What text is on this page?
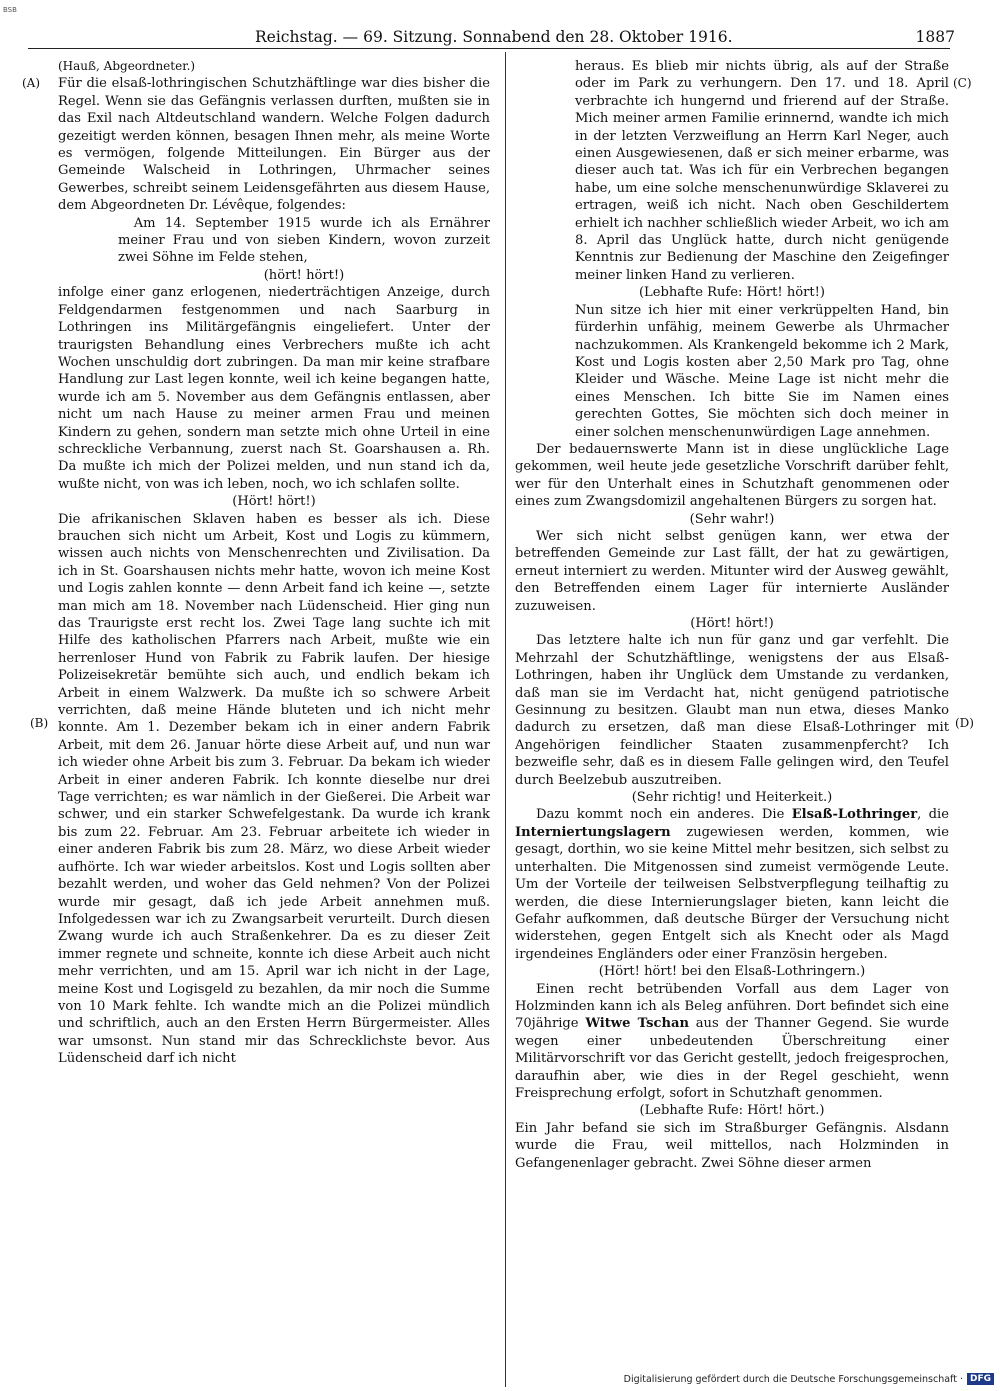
BSB
Reichstag. — 69. Sitzung. Sonnabend den 28. Oktober 1916.	1887
(A)
(B)
(C)
(D)

(Hauß, Abgeordneter.)

Für die elsaß-lothringischen Schutzhäftlinge war dies bisher die Regel. Wenn sie das Gefängnis verlassen durften, mußten sie in das Exil nach Altdeutschland wandern. Welche Folgen dadurch gezeitigt werden können, besagen Ihnen mehr, als meine Worte es vermögen, folgende Mitteilungen. Ein Bürger aus der Gemeinde Walscheid in Lothringen, Uhrmacher seines Gewerbes, schreibt seinem Leidensgefährten aus diesem Hause, dem Abgeordneten Dr. Lévêque, folgendes:

Am 14. September 1915 wurde ich als Ernährer meiner Frau und von sieben Kindern, wovon zurzeit zwei Söhne im Felde stehen,

(hört! hört!)

infolge einer ganz erlogenen, niederträchtigen Anzeige, durch Feldgendarmen festgenommen und nach Saarburg in Lothringen ins Militärgefängnis eingeliefert. Unter der traurigsten Behandlung eines Verbrechers mußte ich acht Wochen unschuldig dort zubringen. Da man mir keine strafbare Handlung zur Last legen konnte, weil ich keine begangen hatte, wurde ich am 5. November aus dem Gefängnis entlassen, aber nicht um nach Hause zu meiner armen Frau und meinen Kindern zu gehen, sondern man setzte mich ohne Urteil in eine schreckliche Verbannung, zuerst nach St. Goarshausen a. Rh. Da mußte ich mich der Polizei melden, und nun stand ich da, wußte nicht, von was ich leben, noch, wo ich schlafen sollte.

(Hört! hört!)

Die afrikanischen Sklaven haben es besser als ich. Diese brauchen sich nicht um Arbeit, Kost und Logis zu kümmern, wissen auch nichts von Menschenrechten und Zivilisation. Da ich in St. Goarshausen nichts mehr hatte, wovon ich meine Kost und Logis zahlen konnte — denn Arbeit fand ich keine —, setzte man mich am 18. November nach Lüdenscheid. Hier ging nun das Traurigste erst recht los. Zwei Tage lang suchte ich mit Hilfe des katholischen Pfarrers nach Arbeit, mußte wie ein herrenloser Hund von Fabrik zu Fabrik laufen. Der hiesige Polizeisekretär bemühte sich auch, und endlich bekam ich Arbeit in einem Walzwerk. Da mußte ich so schwere Arbeit verrichten, daß meine Hände bluteten und ich nicht mehr konnte. Am 1. Dezember bekam ich in einer andern Fabrik Arbeit, mit dem 26. Januar hörte diese Arbeit auf, und nun war ich wieder ohne Arbeit bis zum 3. Februar. Da bekam ich wieder Arbeit in einer anderen Fabrik. Ich konnte dieselbe nur drei Tage verrichten; es war nämlich in der Gießerei. Die Arbeit war schwer, und ein starker Schwefelgestank. Da wurde ich krank bis zum 22. Februar. Am 23. Februar arbeitete ich wieder in einer anderen Fabrik bis zum 28. März, wo diese Arbeit wieder aufhörte. Ich war wieder arbeitslos. Kost und Logis sollten aber bezahlt werden, und woher das Geld nehmen? Von der Polizei wurde mir gesagt, daß ich jede Arbeit annehmen muß. Infolgedessen war ich zu Zwangsarbeit verurteilt. Durch diesen Zwang wurde ich auch Straßenkehrer. Da es zu dieser Zeit immer regnete und schneite, konnte ich diese Arbeit auch nicht mehr verrichten, und am 15. April war ich nicht in der Lage, meine Kost und Logisgeld zu bezahlen, da mir noch die Summe von 10 Mark fehlte. Ich wandte mich an die Polizei mündlich und schriftlich, auch an den Ersten Herrn Bürgermeister. Alles war umsonst. Nun stand mir das Schrecklichste bevor. Aus Lüdenscheid darf ich nicht

heraus. Es blieb mir nichts übrig, als auf der Straße oder im Park zu verhungern. Den 17. und 18. April verbrachte ich hungernd und frierend auf der Straße. Mich meiner armen Familie erinnernd, wandte ich mich in der letzten Verzweiflung an Herrn Karl Neger, auch einen Ausgewiesenen, daß er sich meiner erbarme, was dieser auch tat. Was ich für ein Verbrechen begangen habe, um eine solche menschenunwürdige Sklaverei zu ertragen, weiß ich nicht. Nach oben Geschildertem erhielt ich nachher schließlich wieder Arbeit, wo ich am 8. April das Unglück hatte, durch nicht genügende Kenntnis zur Bedienung der Maschine den Zeigefinger meiner linken Hand zu verlieren.

(Lebhafte Rufe: Hört! hört!)

Nun sitze ich hier mit einer verkrüppelten Hand, bin fürderhin unfähig, meinem Gewerbe als Uhrmacher nachzukommen. Als Krankengeld bekomme ich 2 Mark, Kost und Logis kosten aber 2,50 Mark pro Tag, ohne Kleider und Wäsche. Meine Lage ist nicht mehr die eines Menschen. Ich bitte Sie im Namen eines gerechten Gottes, Sie möchten sich doch meiner in einer solchen menschenunwürdigen Lage annehmen.

Der bedauernswerte Mann ist in diese unglückliche Lage gekommen, weil heute jede gesetzliche Vorschrift darüber fehlt, wer für den Unterhalt eines in Schutzhaft genommenen oder eines zum Zwangsdomizil angehaltenen Bürgers zu sorgen hat.

(Sehr wahr!)

Wer sich nicht selbst genügen kann, wer etwa der betreffenden Gemeinde zur Last fällt, der hat zu gewärtigen, erneut interniert zu werden. Mitunter wird der Ausweg gewählt, den Betreffenden einem Lager für internierte Ausländer zuzuweisen.

(Hört! hört!)

Das letztere halte ich nun für ganz und gar verfehlt. Die Mehrzahl der Schutzhäftlinge, wenigstens der aus Elsaß-Lothringen, haben ihr Unglück dem Umstande zu verdanken, daß man sie im Verdacht hat, nicht genügend patriotische Gesinnung zu besitzen. Glaubt man nun etwa, dieses Manko dadurch zu ersetzen, daß man diese Elsaß-Lothringer mit Angehörigen feindlicher Staaten zusammenpfercht? Ich bezweifle sehr, daß es in diesem Falle gelingen wird, den Teufel durch Beelzebub auszutreiben.

(Sehr richtig! und Heiterkeit.)

Dazu kommt noch ein anderes. Die Elsaß-Lothringer, die Interniertungslagern zugewiesen werden, kommen, wie gesagt, dorthin, wo sie keine Mittel mehr besitzen, sich selbst zu unterhalten. Die Mitgenossen sind zumeist vermögende Leute. Um der Vorteile der teilweisen Selbstverpflegung teilhaftig zu werden, die diese Internierungslager bieten, kann leicht die Gefahr aufkommen, daß deutsche Bürger der Versuchung nicht widerstehen, gegen Entgelt sich als Knecht oder als Magd irgendeines Engländers oder einer Französin hergeben.

(Hört! hört! bei den Elsaß-Lothringern.)

Einen recht betrübenden Vorfall aus dem Lager von Holzminden kann ich als Beleg anführen. Dort befindet sich eine 70jährige Witwe Tschan aus der Thanner Gegend. Sie wurde wegen einer unbedeutenden Überschreitung einer Militärvorschrift vor das Gericht gestellt, jedoch freigesprochen, daraufhin aber, wie dies in der Regel geschieht, wenn Freisprechung erfolgt, sofort in Schutzhaft genommen.

(Lebhafte Rufe: Hört! hört.)

Ein Jahr befand sie sich im Straßburger Gefängnis. Alsdann wurde die Frau, weil mittellos, nach Holzminden in Gefangenenlager gebracht. Zwei Söhne dieser armen

Digitalisierung gefördert durch die Deutsche Forschungsgemeinschaft · DFG
